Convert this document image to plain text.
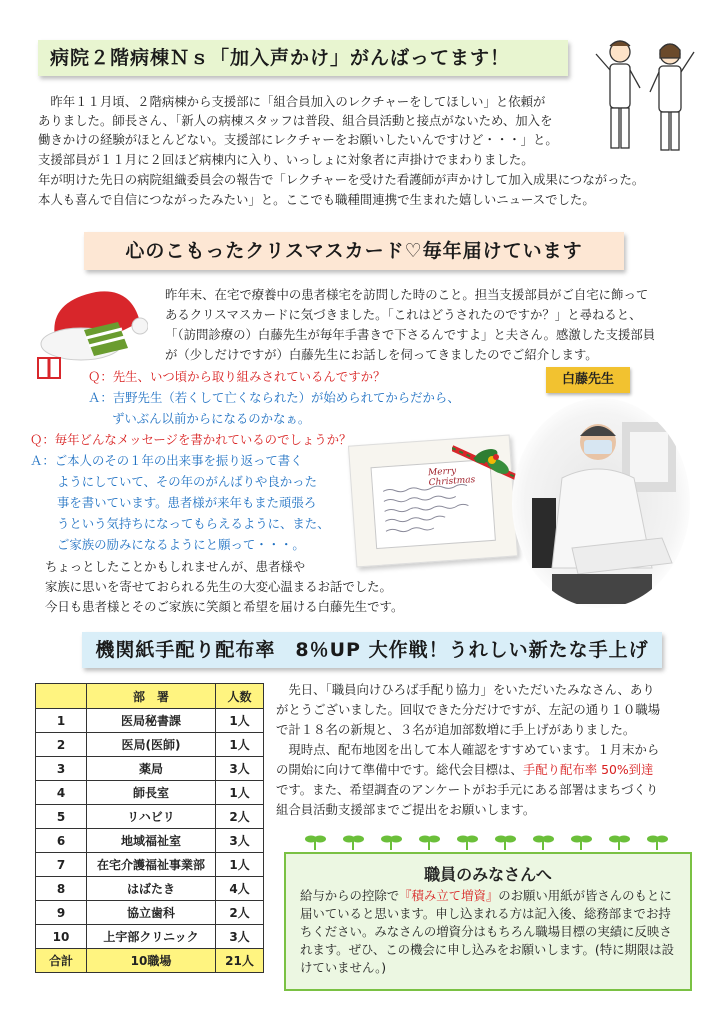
病院２階病棟Ｎｓ「加入声かけ」がんばってます！

　昨年１１月頃、２階病棟から支援部に「組合員加入のレクチャーをしてほしい」と依頼が

ありました。師長さん、「新人の病棟スタッフは普段、組合員活動と接点がないため、加入を

働きかけの経験がほとんどない。支援部にレクチャーをお願いしたいんですけど・・・」と。

支援部員が１１月に２回ほど病棟内に入り、いっしょに対象者に声掛けでまわりました。

年が明けた先日の病院組織委員会の報告で「レクチャーを受けた看護師が声かけして加入成果につながった。

本人も喜んで自信につながったみたい」と。ここでも職種間連携で生まれた嬉しいニュースでした。

心のこもったクリスマスカード♡毎年届けています

昨年末、在宅で療養中の患者様宅を訪問した時のこと。担当支援部員がご自宅に飾って

あるクリスマスカードに気づきました。「これはどうされたのですか？」と尋ねると、

「（訪問診療の）白藤先生が毎年手書きで下さるんですよ」と夫さん。感激した支援部員

が（少しだけですが）白藤先生にお話しを伺ってきましたのでご紹介します。

白藤先生

Ｑ：先生、いつ頃から取り組みされているんですか？

Ａ：吉野先生（若くして亡くなられた）が始められてからだから、

ずいぶん以前からになるのかなぁ。

Ｑ：毎年どんなメッセージを書かれているのでしょうか？

Ａ：ご本人のその１年の出来事を振り返って書く

ようにしていて、その年のがんばりや良かった

事を書いています。患者様が来年もまた頑張ろ

うという気持ちになってもらえるように、また、

ご家族の励みになるようにと願って・・・。

ちょっとしたことかもしれませんが、患者様や

家族に思いを寄せておられる先生の大変心温まるお話でした。

今日も患者様とそのご家族に笑顔と希望を届ける白藤先生です。

Merry Christmas
機関紙手配り配布率　8％UP 大作戦！うれしい新たな手上げ
	部　署	人数
1	医局秘書課	1人
2	医局(医師)	1人
3	薬局	3人
4	師長室	1人
5	リハビリ	2人
6	地域福祉室	3人
7	在宅介護福祉事業部	1人
8	はばたき	4人
9	協立歯科	2人
10	上宇部クリニック	3人
合計	10職場	21人

　先日、「職員向けひろば手配り協力」をいただいたみなさん、あり

がとうございました。回収できた分だけですが、左記の通り１０職場

で計１８名の新規と、３名が追加部数増に手上げがありました。

　現時点、配布地図を出して本人確認をすすめています。１月末から

の開始に向けて準備中です。総代会目標は、手配り配布率 50%到達

です。また、希望調査のアンケートがお手元にある部署はまちづくり

組合員活動支援部までご提出をお願いします。

職員のみなさんへ

給与からの控除で『積み立て増資』のお願い用紙が皆さんのもとに届いていると思います。申し込まれる方は記入後、総務部までお持ちください。みなさんの増資分はもちろん職場目標の実績に反映されます。ぜひ、この機会に申し込みをお願いします。(特に期限は設けていません。)
